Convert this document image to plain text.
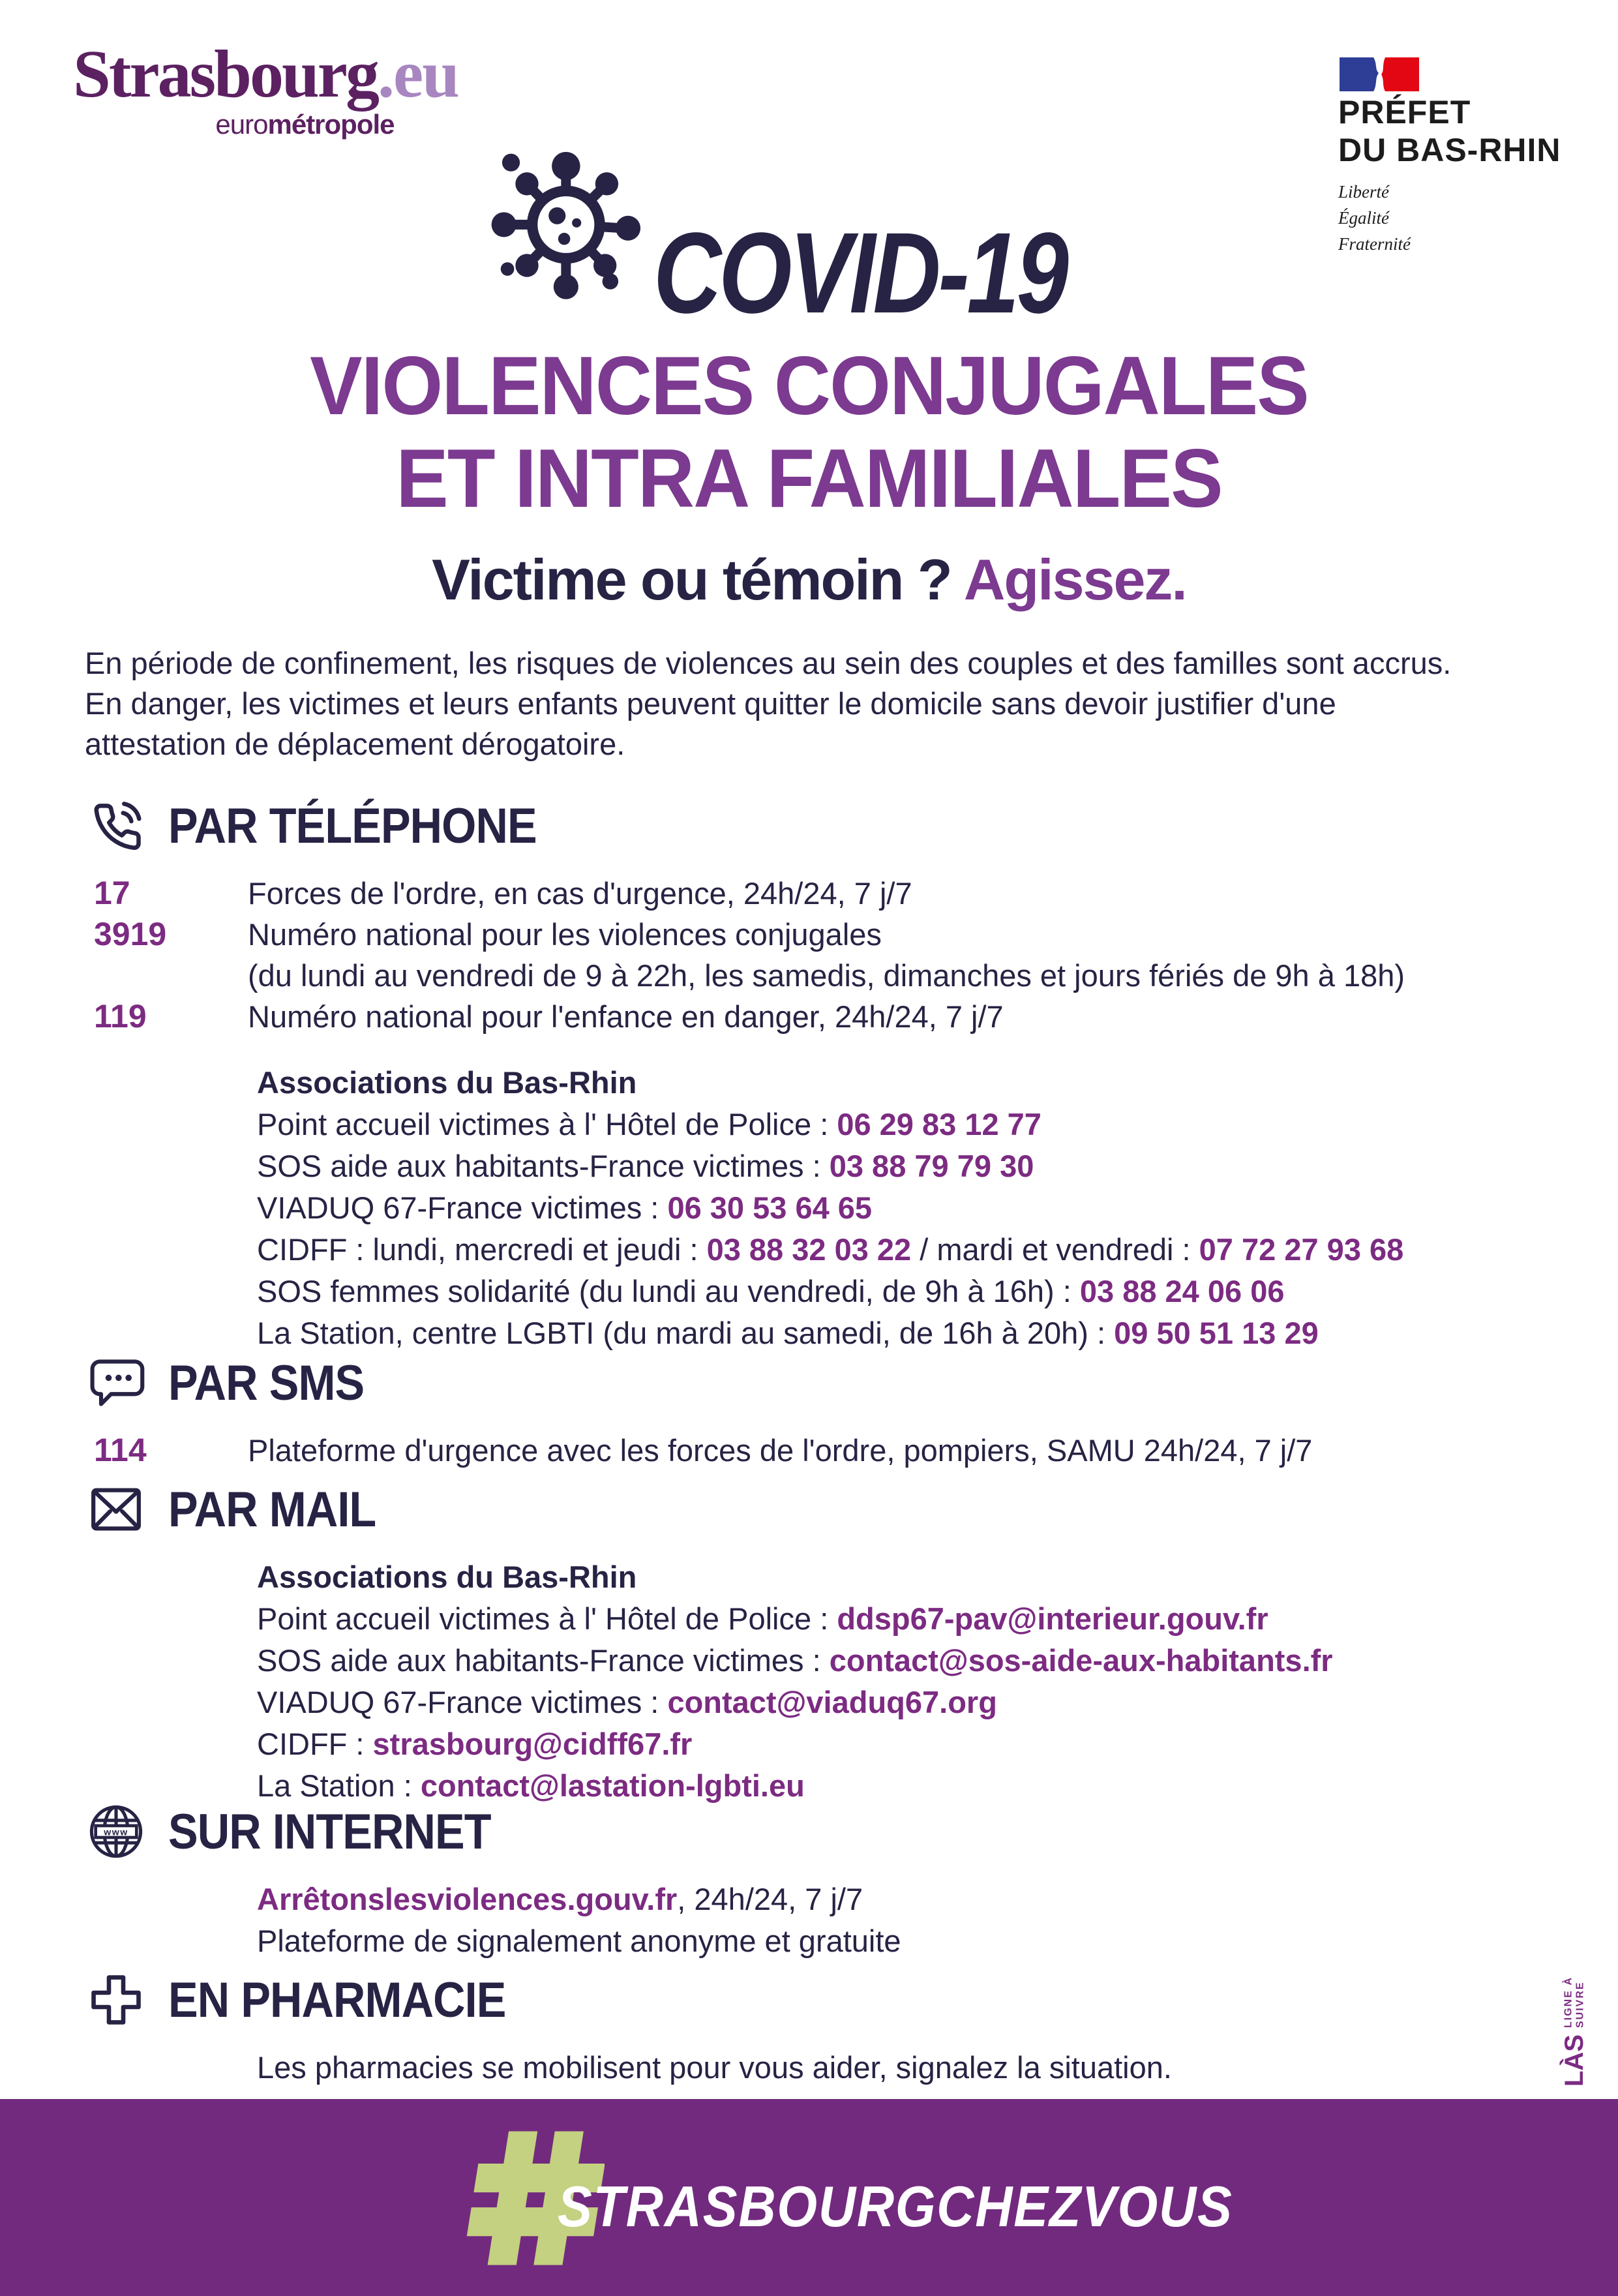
Strasbourg.eu
eurométropole	PRÉFET
DU BAS-RHIN
Liberté
Égalité
Fraternité
COVID-19
VIOLENCES CONJUGALES
ET INTRA FAMILIALES
Victime ou témoin ? Agissez.
En période de confinement, les risques de violences au sein des couples et des familles sont accrus.
En danger, les victimes et leurs enfants peuvent quitter le domicile sans devoir justifier d'une
attestation de déplacement dérogatoire.
PAR TÉLÉPHONE
17	Forces de l'ordre, en cas d'urgence, 24h/24, 7 j/7
3919	Numéro national pour les violences conjugales
(du lundi au vendredi de 9 à 22h, les samedis, dimanches et jours fériés de 9h à 18h)
119	Numéro national pour l'enfance en danger, 24h/24, 7 j/7
Associations du Bas-Rhin
Point accueil victimes à l' Hôtel de Police : 06 29 83 12 77
SOS aide aux habitants-France victimes : 03 88 79 79 30
VIADUQ 67-France victimes : 06 30 53 64 65
CIDFF : lundi, mercredi et jeudi : 03 88 32 03 22 / mardi et vendredi : 07 72 27 93 68
SOS femmes solidarité (du lundi au vendredi, de 9h à 16h) : 03 88 24 06 06
La Station, centre LGBTI (du mardi au samedi, de 16h à 20h) : 09 50 51 13 29
PAR SMS
114	Plateforme d'urgence avec les forces de l'ordre, pompiers, SAMU 24h/24, 7 j/7
PAR MAIL
Associations du Bas-Rhin
Point accueil victimes à l' Hôtel de Police : ddsp67-pav@interieur.gouv.fr
SOS aide aux habitants-France victimes : contact@sos-aide-aux-habitants.fr
VIADUQ 67-France victimes : contact@viaduq67.org
CIDFF : strasbourg@cidff67.fr
La Station : contact@lastation-lgbti.eu
www SUR INTERNET
Arrêtonslesviolences.gouv.fr, 24h/24, 7 j/7
Plateforme de signalement anonyme et gratuite
EN PHARMACIE
Les pharmacies se mobilisent pour vous aider, signalez la situation.
STRASBOURGCHEZVOUS
LÀS
LIGNE À SUIVRE
